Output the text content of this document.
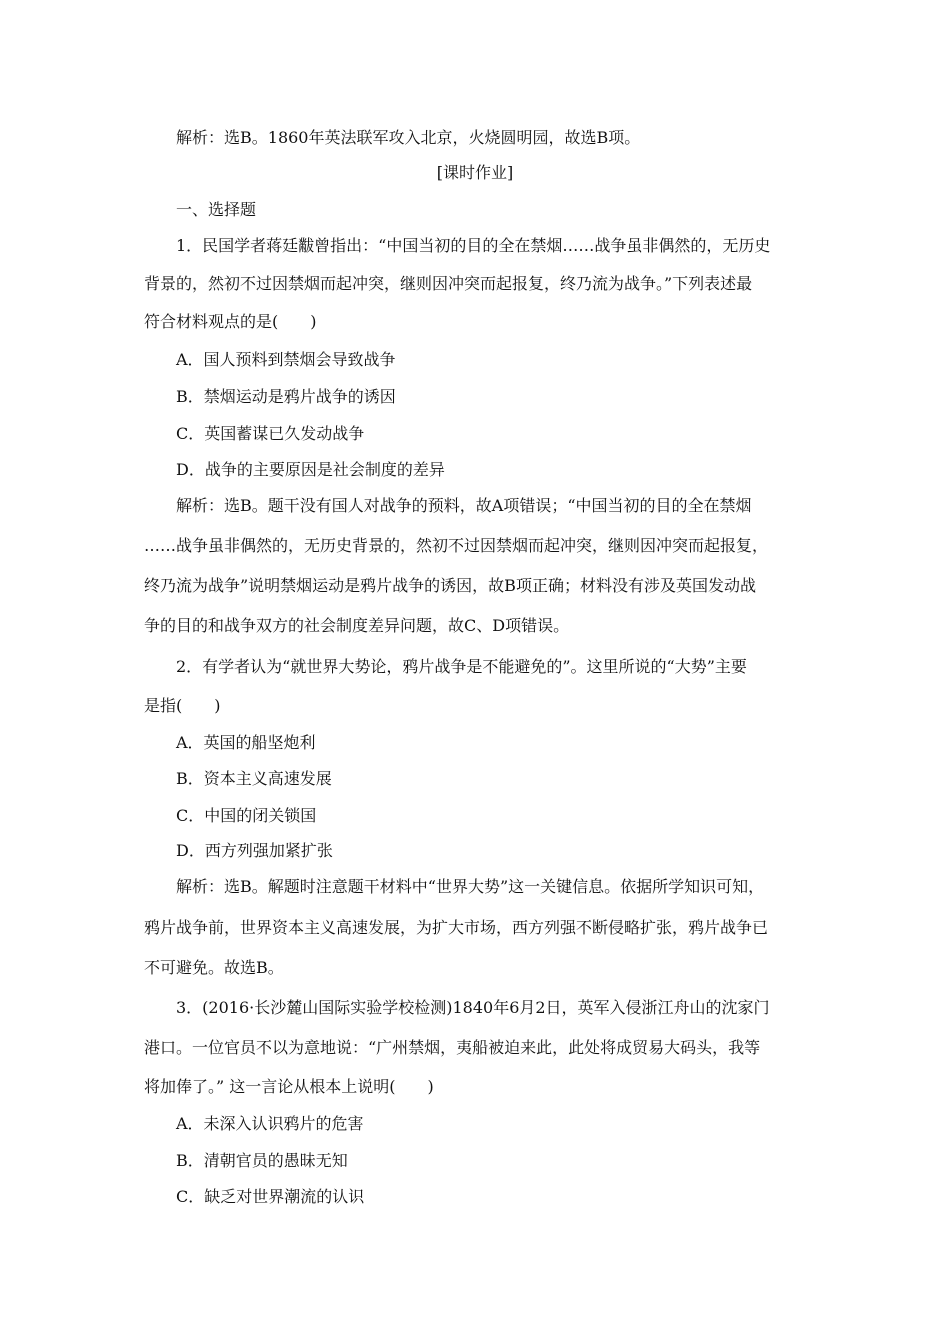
解析：选B。1860年英法联军攻入北京，火烧圆明园，故选B项。
[课时作业]
一、选择题
1．民国学者蒋廷黻曾指出：“中国当初的目的全在禁烟……战争虽非偶然的，无历史
背景的，然初不过因禁烟而起冲突，继则因冲突而起报复，终乃流为战争。”下列表述最
符合材料观点的是(　　)
A．国人预料到禁烟会导致战争
B．禁烟运动是鸦片战争的诱因
C．英国蓄谋已久发动战争
D．战争的主要原因是社会制度的差异
解析：选B。题干没有国人对战争的预料，故A项错误；“中国当初的目的全在禁烟
……战争虽非偶然的，无历史背景的，然初不过因禁烟而起冲突，继则因冲突而起报复，
终乃流为战争”说明禁烟运动是鸦片战争的诱因，故B项正确；材料没有涉及英国发动战
争的目的和战争双方的社会制度差异问题，故C、D项错误。
2．有学者认为“就世界大势论，鸦片战争是不能避免的”。这里所说的“大势”主要
是指(　　)
A．英国的船坚炮利
B．资本主义高速发展
C．中国的闭关锁国
D．西方列强加紧扩张
解析：选B。解题时注意题干材料中“世界大势”这一关键信息。依据所学知识可知，
鸦片战争前，世界资本主义高速发展，为扩大市场，西方列强不断侵略扩张，鸦片战争已
不可避免。故选B。
3．(2016·长沙麓山国际实验学校检测)1840年6月2日，英军入侵浙江舟山的沈家门
港口。一位官员不以为意地说：“广州禁烟，夷船被迫来此，此处将成贸易大码头，我等
将加俸了。” 这一言论从根本上说明(　　)
A．未深入认识鸦片的危害
B．清朝官员的愚昧无知
C．缺乏对世界潮流的认识
